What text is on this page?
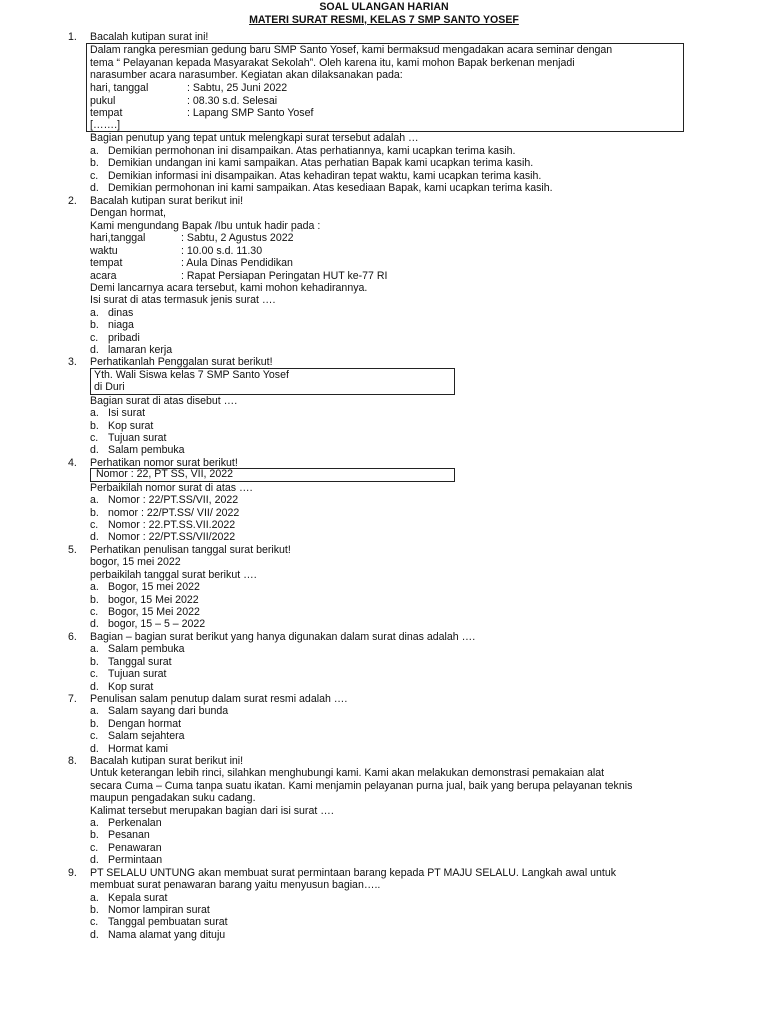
SOAL ULANGAN HARIAN
MATERI SURAT RESMI, KELAS 7 SMP SANTO YOSEF
1. Bacalah kutipan surat ini!
Dalam rangka peresmian gedung baru SMP Santo Yosef, kami bermaksud mengadakan acara seminar dengan
tema “ Pelayanan kepada Masyarakat Sekolah”. Oleh karena itu, kami mohon Bapak berkenan menjadi
narasumber acara narasumber. Kegiatan akan dilaksanakan pada:
hari, tanggal	: Sabtu, 25 Juni 2022
pukul	: 08.30 s.d. Selesai
tempat	: Lapang SMP Santo Yosef
[…….]
Bagian penutup yang tepat untuk melengkapi surat tersebut adalah …
a. Demikian permohonan ini disampaikan. Atas perhatiannya, kami ucapkan terima kasih.
b. Demikian undangan ini kami sampaikan. Atas perhatian Bapak kami ucapkan terima kasih.
c. Demikian informasi ini disampaikan. Atas kehadiran tepat waktu, kami ucapkan terima kasih.
d. Demikian permohonan ini kami sampaikan. Atas kesediaan Bapak, kami ucapkan terima kasih.
2. Bacalah kutipan surat berikut ini!
Dengan hormat,
Kami mengundang Bapak /Ibu untuk hadir pada :
hari,tanggal	: Sabtu, 2 Agustus 2022
waktu	: 10.00 s.d. 11.30
tempat	: Aula Dinas Pendidikan
acara	: Rapat Persiapan Peringatan HUT ke-77 RI
Demi lancarnya acara tersebut, kami mohon kehadirannya.
Isi surat di atas termasuk jenis surat ….
a. dinas
b. niaga
c. pribadi
d. lamaran kerja
3. Perhatikanlah Penggalan surat berikut!
Yth. Wali Siswa kelas 7 SMP Santo Yosef
di Duri
Bagian surat di atas disebut ….
a. Isi surat
b. Kop surat
c. Tujuan surat
d. Salam pembuka
4. Perhatikan nomor surat berikut!
Nomor : 22, PT SS, VII, 2022
Perbaikilah nomor surat di atas ….
a. Nomor : 22/PT.SS/VII, 2022
b. nomor : 22/PT.SS/ VII/ 2022
c. Nomor : 22.PT.SS.VII.2022
d. Nomor : 22/PT.SS/VII/2022
5. Perhatikan penulisan tanggal surat berikut!
bogor, 15 mei 2022
perbaikilah tanggal surat berikut ….
a. Bogor, 15 mei 2022
b. bogor, 15 Mei 2022
c. Bogor, 15 Mei 2022
d. bogor, 15 – 5 – 2022
6. Bagian – bagian surat berikut yang hanya digunakan dalam surat dinas adalah ….
a. Salam pembuka
b. Tanggal surat
c. Tujuan surat
d. Kop surat
7. Penulisan salam penutup dalam surat resmi adalah ….
a. Salam sayang dari bunda
b. Dengan hormat
c. Salam sejahtera
d. Hormat kami
8. Bacalah kutipan surat berikut ini!
Untuk keterangan lebih rinci, silahkan menghubungi kami. Kami akan melakukan demonstrasi pemakaian alat
secara Cuma – Cuma tanpa suatu ikatan. Kami menjamin pelayanan purna jual, baik yang berupa pelayanan teknis
maupun pengadakan suku cadang.
Kalimat tersebut merupakan bagian dari isi surat ….
a. Perkenalan
b. Pesanan
c. Penawaran
d. Permintaan
9. PT SELALU UNTUNG akan membuat surat permintaan barang kepada PT MAJU SELALU. Langkah awal untuk
membuat surat penawaran barang yaitu menyusun bagian…..
a. Kepala surat
b. Nomor lampiran surat
c. Tanggal pembuatan surat
d. Nama alamat yang dituju
